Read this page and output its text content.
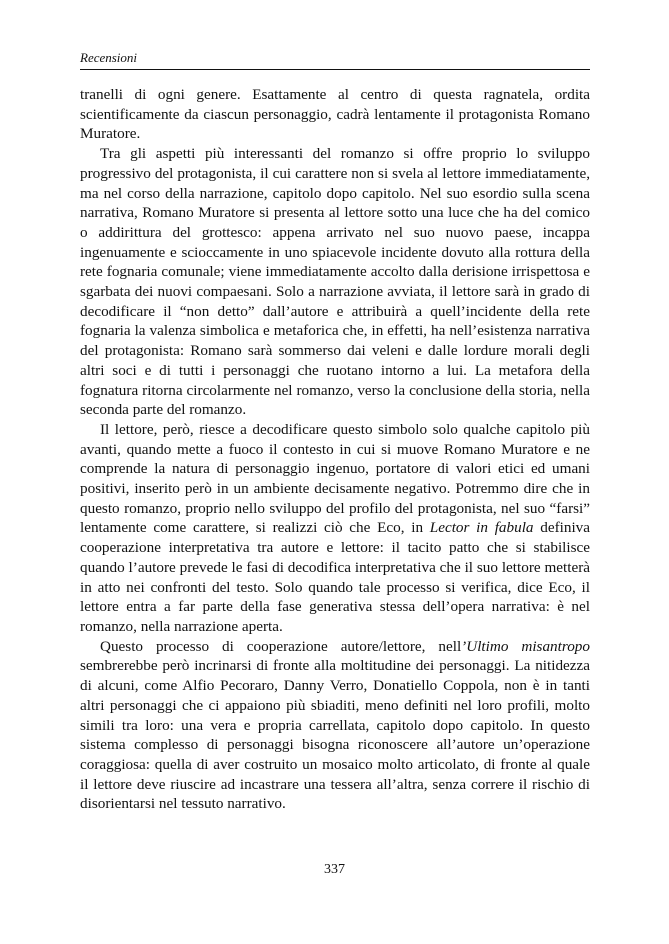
Recensioni

tranelli di ogni genere. Esattamente al centro di questa ragnatela, ordita scientificamente da ciascun personaggio, cadrà lentamente il protagonista Romano Muratore.

Tra gli aspetti più interessanti del romanzo si offre proprio lo sviluppo progressivo del protagonista, il cui carattere non si svela al lettore immediatamente, ma nel corso della narrazione, capitolo dopo capitolo. Nel suo esordio sulla scena narrativa, Romano Muratore si presenta al lettore sotto una luce che ha del comico o addirittura del grottesco: appena arrivato nel suo nuovo paese, incappa ingenuamente e scioccamente in uno spiacevole incidente dovuto alla rottura della rete fognaria comunale; viene immediatamente accolto dalla derisione irrispettosa e sgarbata dei nuovi compaesani. Solo a narrazione avviata, il lettore sarà in grado di decodificare il “non detto” dall’autore e attribuirà a quell’incidente della rete fognaria la valenza simbolica e metaforica che, in effetti, ha nell’esistenza narrativa del protagonista: Romano sarà sommerso dai veleni e dalle lordure morali degli altri soci e di tutti i personaggi che ruotano intorno a lui. La metafora della fognatura ritorna circolarmente nel romanzo, verso la conclusione della storia, nella seconda parte del romanzo.

Il lettore, però, riesce a decodificare questo simbolo solo qualche capitolo più avanti, quando mette a fuoco il contesto in cui si muove Romano Muratore e ne comprende la natura di personaggio ingenuo, portatore di valori etici ed umani positivi, inserito però in un ambiente decisamente negativo. Potremmo dire che in questo romanzo, proprio nello sviluppo del profilo del protagonista, nel suo “farsi” lentamente come carattere, si realizzi ciò che Eco, in Lector in fabula definiva cooperazione interpretativa tra autore e lettore: il tacito patto che si stabilisce quando l’autore prevede le fasi di decodifica interpretativa che il suo lettore metterà in atto nei confronti del testo. Solo quando tale processo si verifica, dice Eco, il lettore entra a far parte della fase generativa stessa dell’opera narrativa: è nel romanzo, nella narrazione aperta.

Questo processo di cooperazione autore/lettore, nell’Ultimo misantropo sembrerebbe però incrinarsi di fronte alla moltitudine dei personaggi. La nitidezza di alcuni, come Alfio Pecoraro, Danny Verro, Donatiello Coppola, non è in tanti altri personaggi che ci appaiono più sbiaditi, meno definiti nel loro profili, molto simili tra loro: una vera e propria carrellata, capitolo dopo capitolo. In questo sistema complesso di personaggi bisogna riconoscere all’autore un’operazione coraggiosa: quella di aver costruito un mosaico molto articolato, di fronte al quale il lettore deve riuscire ad incastrare una tessera all’altra, senza correre il rischio di disorientarsi nel tessuto narrativo.

337
